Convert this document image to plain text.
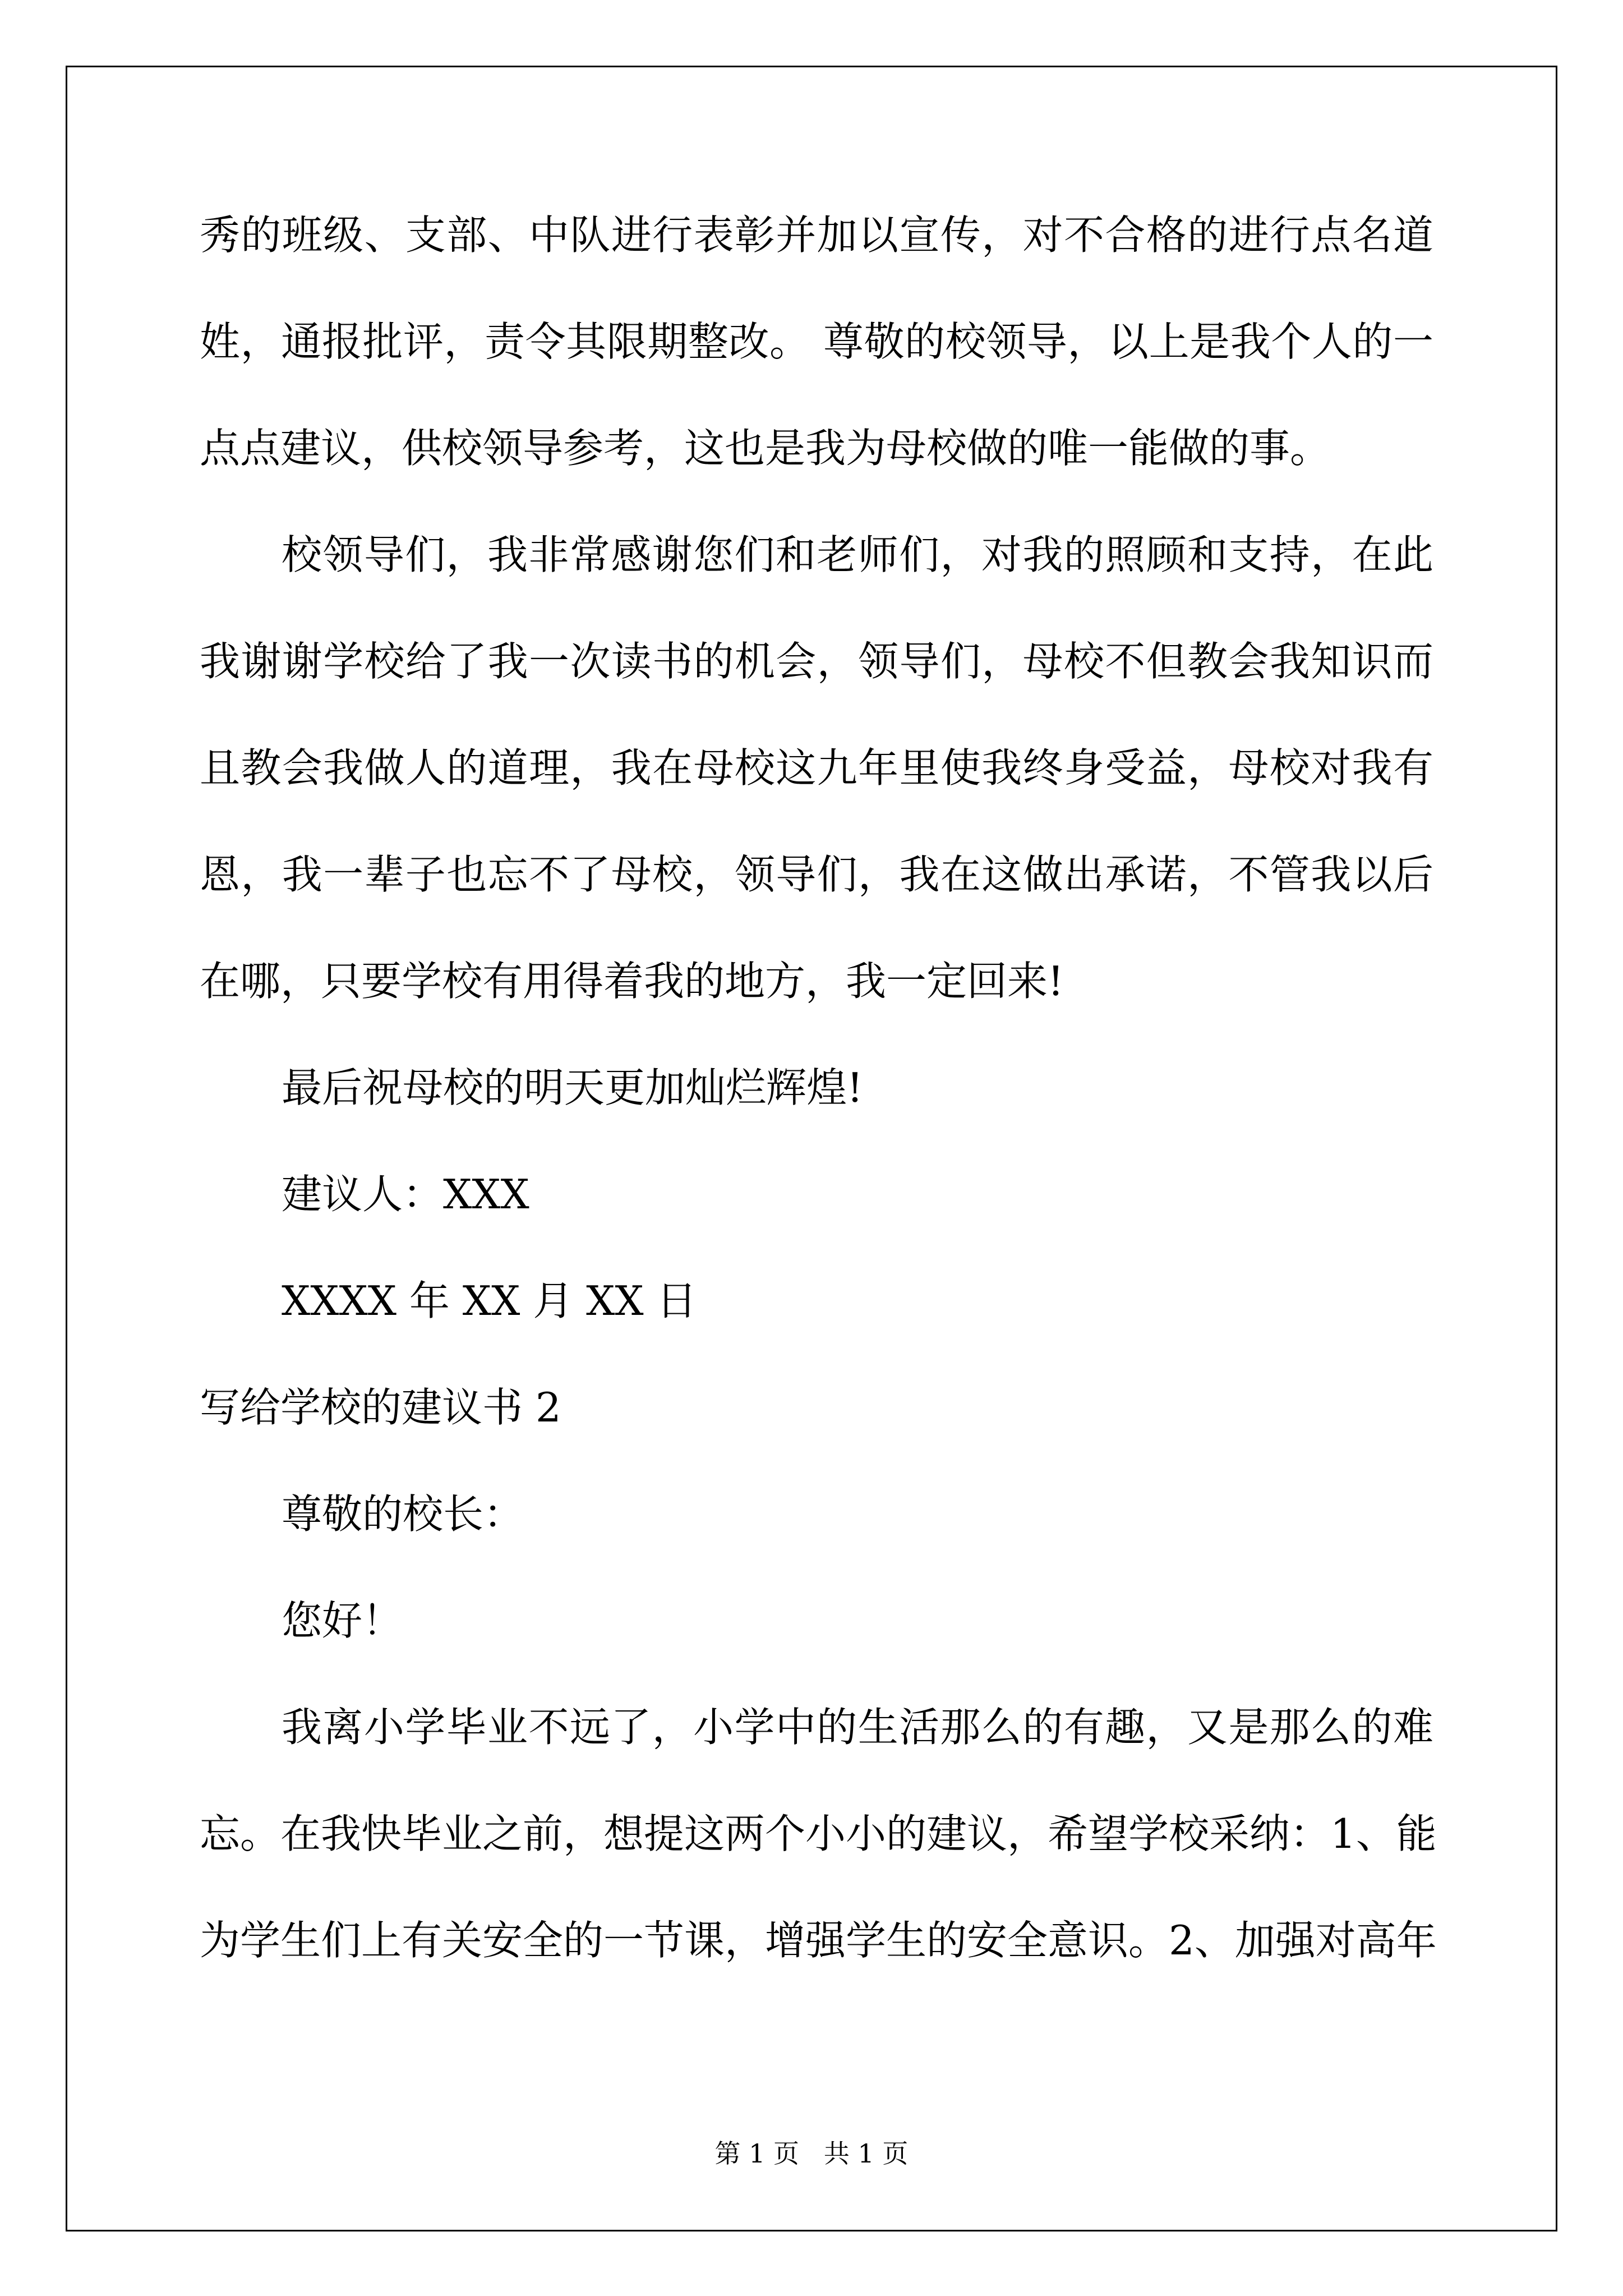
秀的班级、支部、中队进行表彰并加以宣传，对不合格的进行点名道
姓，通报批评，责令其限期整改。 尊敬的校领导，以上是我个人的一
点点建议，供校领导参考，这也是我为母校做的唯一能做的事。
校领导们，我非常感谢您们和老师们，对我的照顾和支持，在此
我谢谢学校给了我一次读书的机会，领导们，母校不但教会我知识而
且教会我做人的道理，我在母校这九年里使我终身受益，母校对我有
恩，我一辈子也忘不了母校，领导们，我在这做出承诺，不管我以后
在哪，只要学校有用得着我的地方，我一定回来!
最后祝母校的明天更加灿烂辉煌!
建议人：XXX
XXXX 年 XX 月 XX 日
写给学校的建议书 2
尊敬的校长：
您好！
我离小学毕业不远了，小学中的生活那么的有趣，又是那么的难
忘。在我快毕业之前，想提这两个小小的建议，希望学校采纳：1、能
为学生们上有关安全的一节课，增强学生的安全意识。2、加强对高年
第 1 页   共 1 页
